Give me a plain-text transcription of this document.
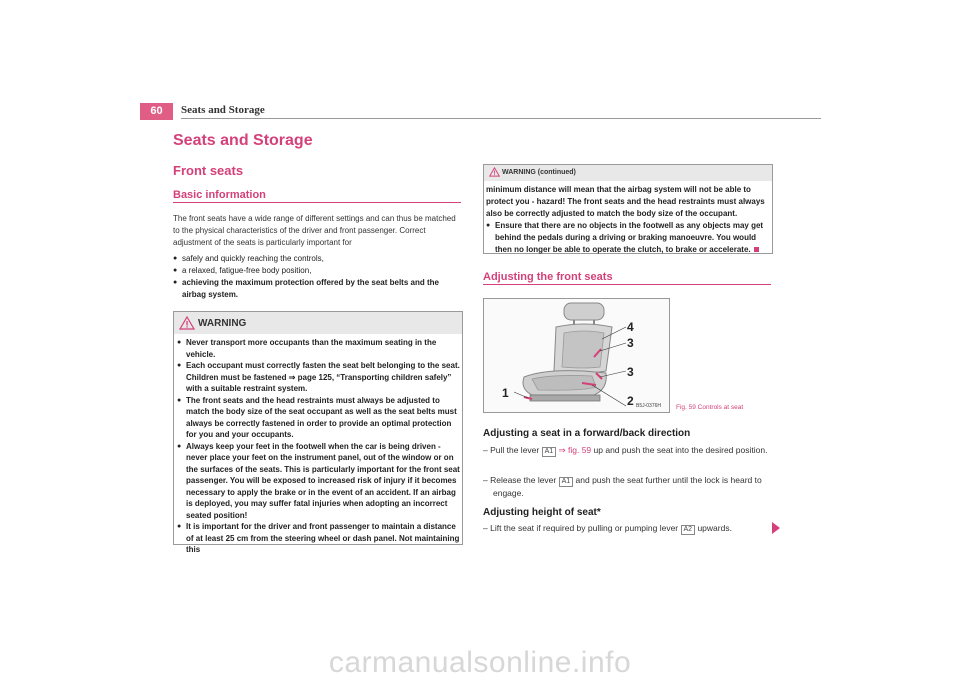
60	Seats and Storage
Seats and Storage
Front seats
Basic information

The front seats have a wide range of different settings and can thus be matched to the physical characteristics of the driver and front passenger. Correct adjustment of the seats is particularly important for

● safely and quickly reaching the controls,
● a relaxed, fatigue-free body position,
● achieving the maximum protection offered by the seat belts and the airbag system.
WARNING
● Never transport more occupants than the maximum seating in the vehicle.
● Each occupant must correctly fasten the seat belt belonging to the seat. Children must be fastened ⇒ page 125, “Transporting children safely” with a suitable restraint system.
● The front seats and the head restraints must always be adjusted to match the body size of the seat occupant as well as the seat belts must always be correctly fastened in order to provide an optimal protection for you and your occupants.
● Always keep your feet in the footwell when the car is being driven - never place your feet on the instrument panel, out of the window or on the surfaces of the seats. This is particularly important for the front seat passenger. You will be exposed to increased risk of injury if it becomes necessary to apply the brake or in the event of an accident. If an airbag is deployed, you may suffer fatal injuries when adopting an incorrect seated position!
● It is important for the driver and front passenger to maintain a distance of at least 25 cm from the steering wheel or dash panel. Not maintaining this
WARNING (continued)

minimum distance will mean that the airbag system will not be able to protect you - hazard! The front seats and the head restraints must always also be correctly adjusted to match the body size of the occupant.

● Ensure that there are no objects in the footwell as any objects may get behind the pedals during a driving or braking manoeuvre. You would then no longer be able to operate the clutch, to brake or accelerate.
Adjusting the front seats
1
2
3
3
4
B5J-0376H Fig. 59 Controls at seat
Adjusting a seat in a forward/back direction
– Pull the lever A1 ⇒ fig. 59 up and push the seat into the desired position.
– Release the lever A1 and push the seat further until the lock is heard to engage.
Adjusting height of seat*
– Lift the seat if required by pulling or pumping lever A2 upwards.
carmanualsonline.info
